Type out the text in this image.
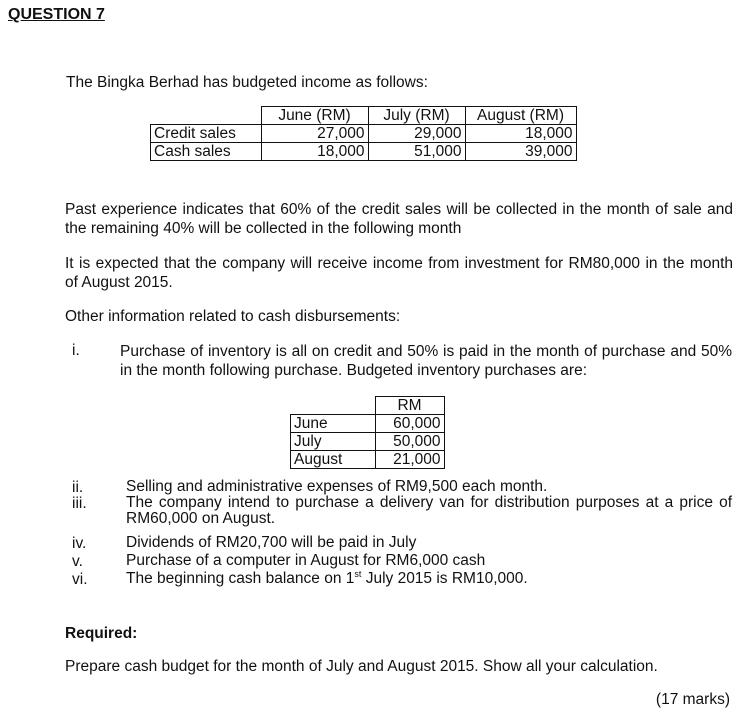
QUESTION 7
The Bingka Berhad has budgeted income as follows:
	June (RM)	July (RM)	August (RM)
Credit sales	27,000	29,000	18,000
Cash sales	18,000	51,000	39,000
Past experience indicates that 60% of the credit sales will be collected in the month of sale and the remaining 40% will be collected in the following month
It is expected that the company will receive income from investment for RM80,000 in the month of August 2015.
Other information related to cash disbursements:
i.	Purchase of inventory is all on credit and 50% is paid in the month of purchase and 50% in the month following purchase. Budgeted inventory purchases are:
	RM
June	60,000
July	50,000
August	21,000
ii.	Selling and administrative expenses of RM9,500 each month.
iii.	The company intend to purchase a delivery van for distribution purposes at a price of RM60,000 on August.
iv.	Dividends of RM20,700 will be paid in July
v.	Purchase of a computer in August for RM6,000 cash
vi. The beginning cash balance on 1st July 2015 is RM10,000.
Required:
Prepare cash budget for the month of July and August 2015. Show all your calculation.
(17 marks)
